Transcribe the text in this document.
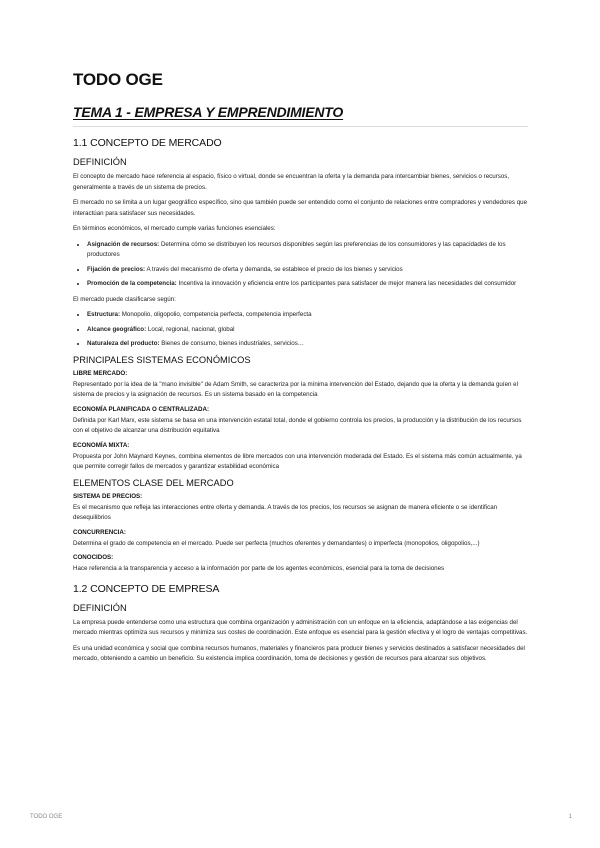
TODO OGE
TEMA 1 - EMPRESA Y EMPRENDIMIENTO
1.1 CONCEPTO DE MERCADO
DEFINICIÓN

El concepto de mercado hace referencia al espacio, físico o virtual, donde se encuentran la oferta y la demanda para intercambiar bienes, servicios o recursos, generalmente a través de un sistema de precios.

El mercado no se limita a un lugar geográfico específico, sino que también puede ser entendido como el conjunto de relaciones entre compradores y vendedores que interactúan para satisfacer sus necesidades.

En términos económicos, el mercado cumple varias funciones esenciales:

• Asignación de recursos: Determina cómo se distribuyen los recursos disponibles según las preferencias de los consumidores y las capacidades de los productores
• Fijación de precios: A través del mecanismo de oferta y demanda, se establece el precio de los bienes y servicios
• Promoción de la competencia: Incentiva la innovación y eficiencia entre los participantes para satisfacer de mejor manera las necesidades del consumidor

El mercado puede clasificarse según:

• Estructura: Monopolio, oligopolio, competencia perfecta, competencia imperfecta
• Alcance geográfico: Local, regional, nacional, global
• Naturaleza del producto: Bienes de consumo, bienes industriales, servicios…
PRINCIPALES SISTEMAS ECONÓMICOS
LIBRE MERCADO:

Representado por la idea de la "mano invisible" de Adam Smith, se caracteriza por la mínima intervención del Estado, dejando que la oferta y la demanda guíen el sistema de precios y la asignación de recursos. Es un sistema basado en la competencia

ECONOMÍA PLANIFICADA O CENTRALIZADA:

Definida por Karl Marx, este sistema se basa en una intervención estatal total, donde el gobierno controla los precios, la producción y la distribución de los recursos con el objetivo de alcanzar una distribución equitativa

ECONOMÍA MIXTA:

Propuesta por John Maynard Keynes, combina elementos de libre mercados con una intervención moderada del Estado. Es el sistema más común actualmente, ya que permite corregir fallos de mercados y garantizar estabilidad económica

ELEMENTOS CLASE DEL MERCADO
SISTEMA DE PRECIOS:

Es el mecanismo que refleja las interacciones entre oferta y demanda. A través de los precios, los recursos se asignan de manera eficiente o se identifican desequilibrios

CONCURRENCIA:

Determina el grado de competencia en el mercado. Puede ser perfecta (muchos oferentes y demandantes) o imperfecta (monopolios, oligopolios,...)

CONOCIDOS:

Hace referencia a la transparencia y acceso a la información por parte de los agentes económicos, esencial para la toma de decisiones

1.2 CONCEPTO DE EMPRESA
DEFINICIÓN

La empresa puede entenderse como una estructura que combina organización y administración con un enfoque en la eficiencia, adaptándose a las exigencias del mercado mientras optimiza sus recursos y minimiza sus costes de coordinación. Este enfoque es esencial para la gestión efectiva y el logro de ventajas competitivas.

Es una unidad económica y social que combina recursos humanos, materiales y financieros para producir bienes y servicios destinados a satisfacer necesidades del mercado, obteniendo a cambio un beneficio. Su existencia implica coordinación, toma de decisiones y gestión de recursos para alcanzar sus objetivos.

TODO OGE	1
